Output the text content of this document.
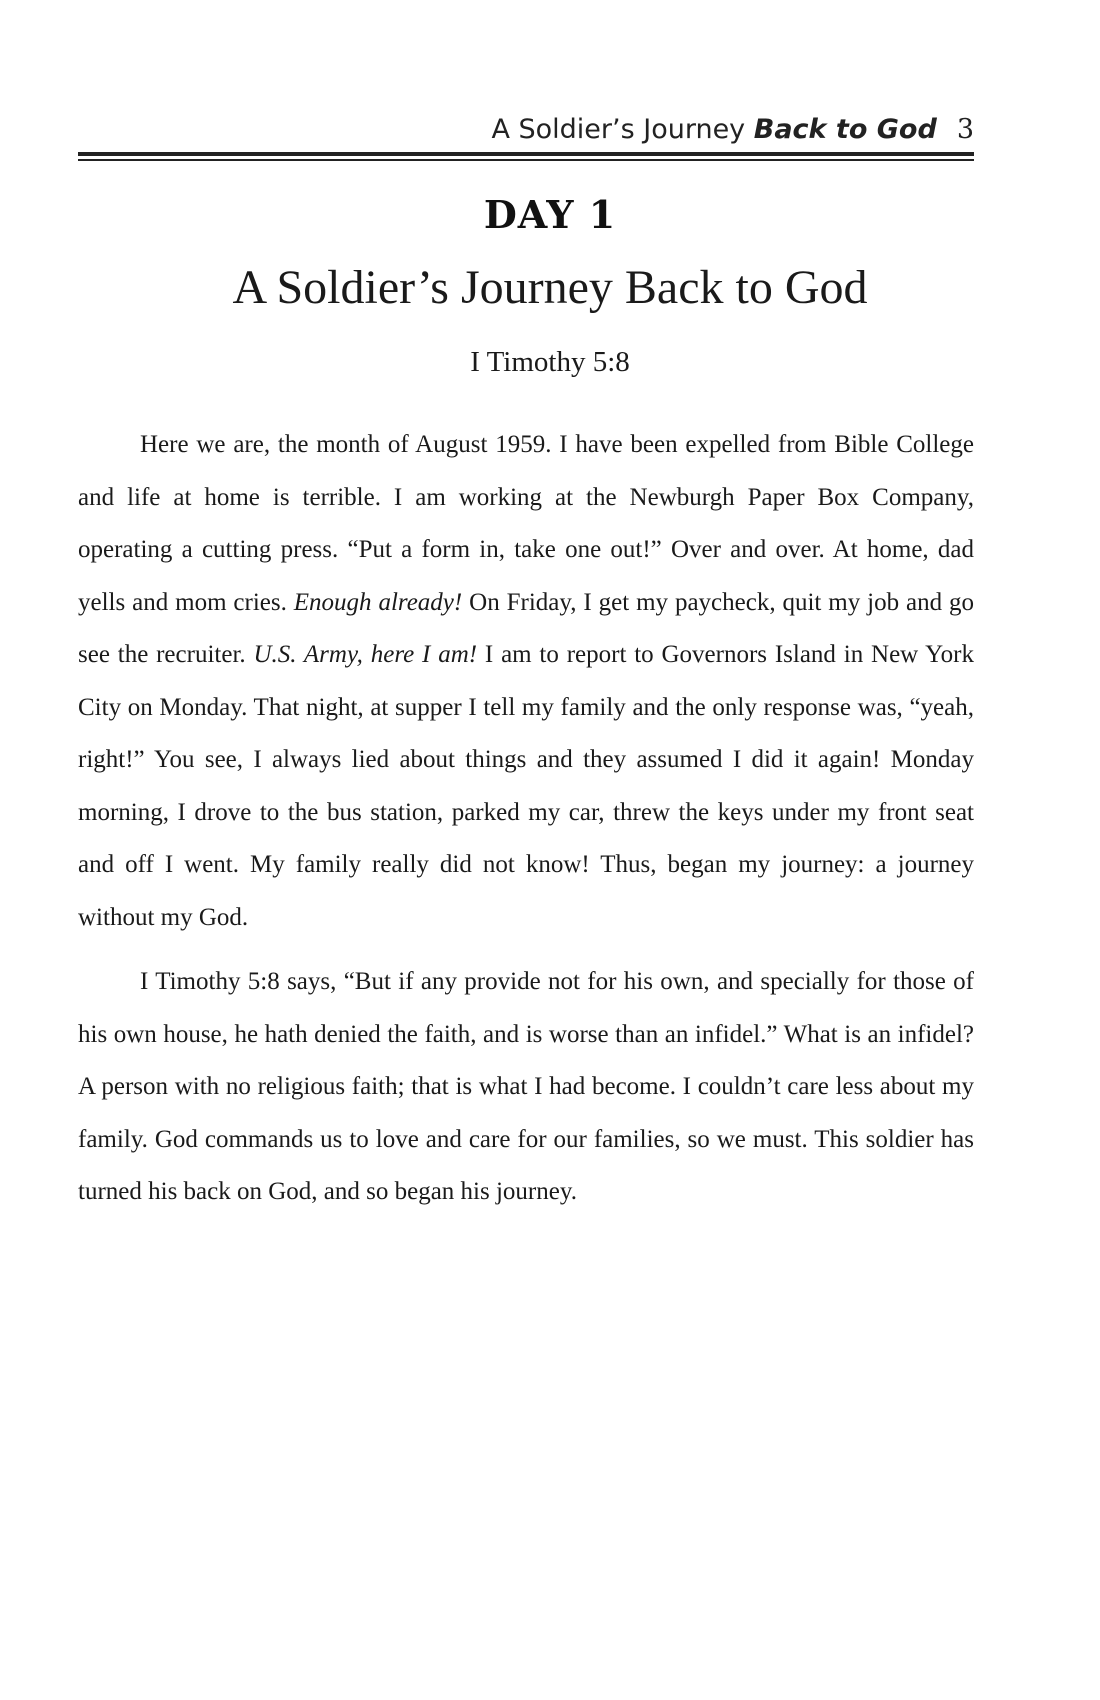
A Soldier’s Journey Back to God 3
DAY 1
A Soldier’s Journey Back to God
I Timothy 5:8

Here we are, the month of August 1959. I have been expelled from Bible College and life at home is terrible. I am working at the Newburgh Paper Box Company, operating a cutting press. “Put a form in, take one out!” Over and over. At home, dad yells and mom cries. Enough already! On Friday, I get my paycheck, quit my job and go see the recruiter. U.S. Army, here I am! I am to report to Governors Island in New York City on Monday. That night, at supper I tell my family and the only response was, “yeah, right!” You see, I always lied about things and they assumed I did it again! Monday morning, I drove to the bus station, parked my car, threw the keys under my front seat and off I went. My family really did not know! Thus, began my journey: a journey without my God.

I Timothy 5:8 says, “But if any provide not for his own, and specially for those of his own house, he hath denied the faith, and is worse than an infidel.” What is an infidel? A person with no religious faith; that is what I had become. I couldn’t care less about my family. God commands us to love and care for our families, so we must. This soldier has turned his back on God, and so began his journey.
